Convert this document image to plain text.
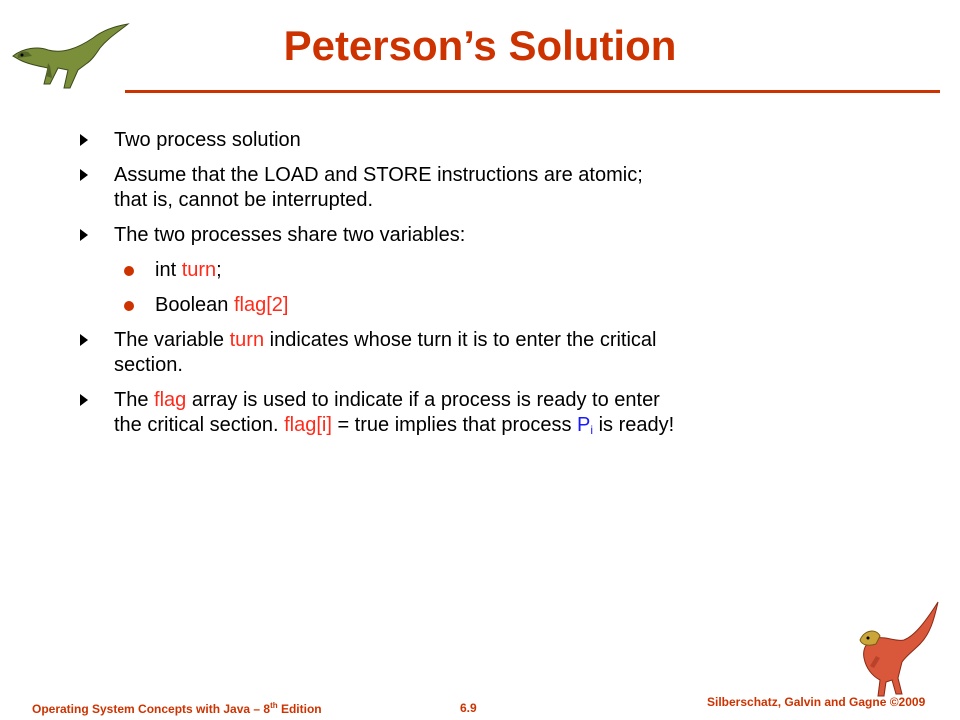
Peterson’s Solution
Two process solution
Assume that the LOAD and STORE instructions are atomic;
that is, cannot be interrupted.
The two processes share two variables:
int turn;
Boolean flag[2]
The variable turn indicates whose turn it is to enter the critical
section.
The flag array is used to indicate if a process is ready to enter
the critical section. flag[i] = true implies that process $P_i$ is ready!
Operating System Concepts with Java – 8th Edition	6.9	Silberschatz, Galvin and Gagne ©2009
